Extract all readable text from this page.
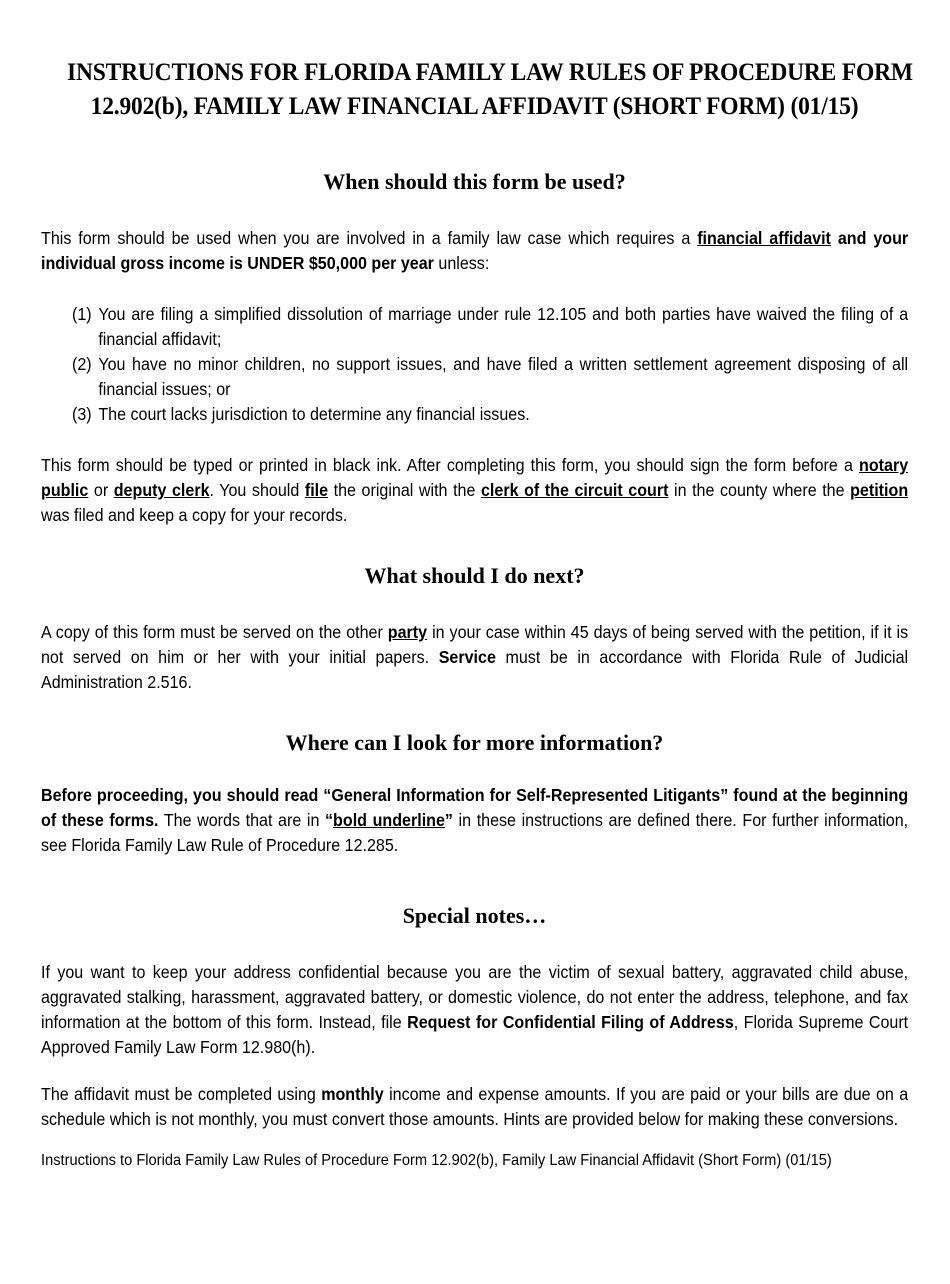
INSTRUCTIONS FOR FLORIDA FAMILY LAW RULES OF PROCEDURE FORM
12.902(b), FAMILY LAW FINANCIAL AFFIDAVIT (SHORT FORM) (01/15)
When should this form be used?
This form should be used when you are involved in a family law case which requires a financial affidavit and your individual gross income is UNDER $50,000 per year unless:
(1) You are filing a simplified dissolution of marriage under rule 12.105 and both parties have waived the filing of a financial affidavit;
(2) You have no minor children, no support issues, and have filed a written settlement agreement disposing of all financial issues; or
(3) The court lacks jurisdiction to determine any financial issues.
This form should be typed or printed in black ink. After completing this form, you should sign the form before a notary public or deputy clerk. You should file the original with the clerk of the circuit court in the county where the petition was filed and keep a copy for your records.
What should I do next?
A copy of this form must be served on the other party in your case within 45 days of being served with the petition, if it is not served on him or her with your initial papers. Service must be in accordance with Florida Rule of Judicial Administration 2.516.
Where can I look for more information?
Before proceeding, you should read “General Information for Self-Represented Litigants” found at the beginning of these forms. The words that are in “bold underline” in these instructions are defined there. For further information, see Florida Family Law Rule of Procedure 12.285.
Special notes…
If you want to keep your address confidential because you are the victim of sexual battery, aggravated child abuse, aggravated stalking, harassment, aggravated battery, or domestic violence, do not enter the address, telephone, and fax information at the bottom of this form. Instead, file Request for Confidential Filing of Address, Florida Supreme Court Approved Family Law Form 12.980(h).
The affidavit must be completed using monthly income and expense amounts. If you are paid or your bills are due on a schedule which is not monthly, you must convert those amounts. Hints are provided below for making these conversions.
Instructions to Florida Family Law Rules of Procedure Form 12.902(b), Family Law Financial Affidavit (Short Form) (01/15)
